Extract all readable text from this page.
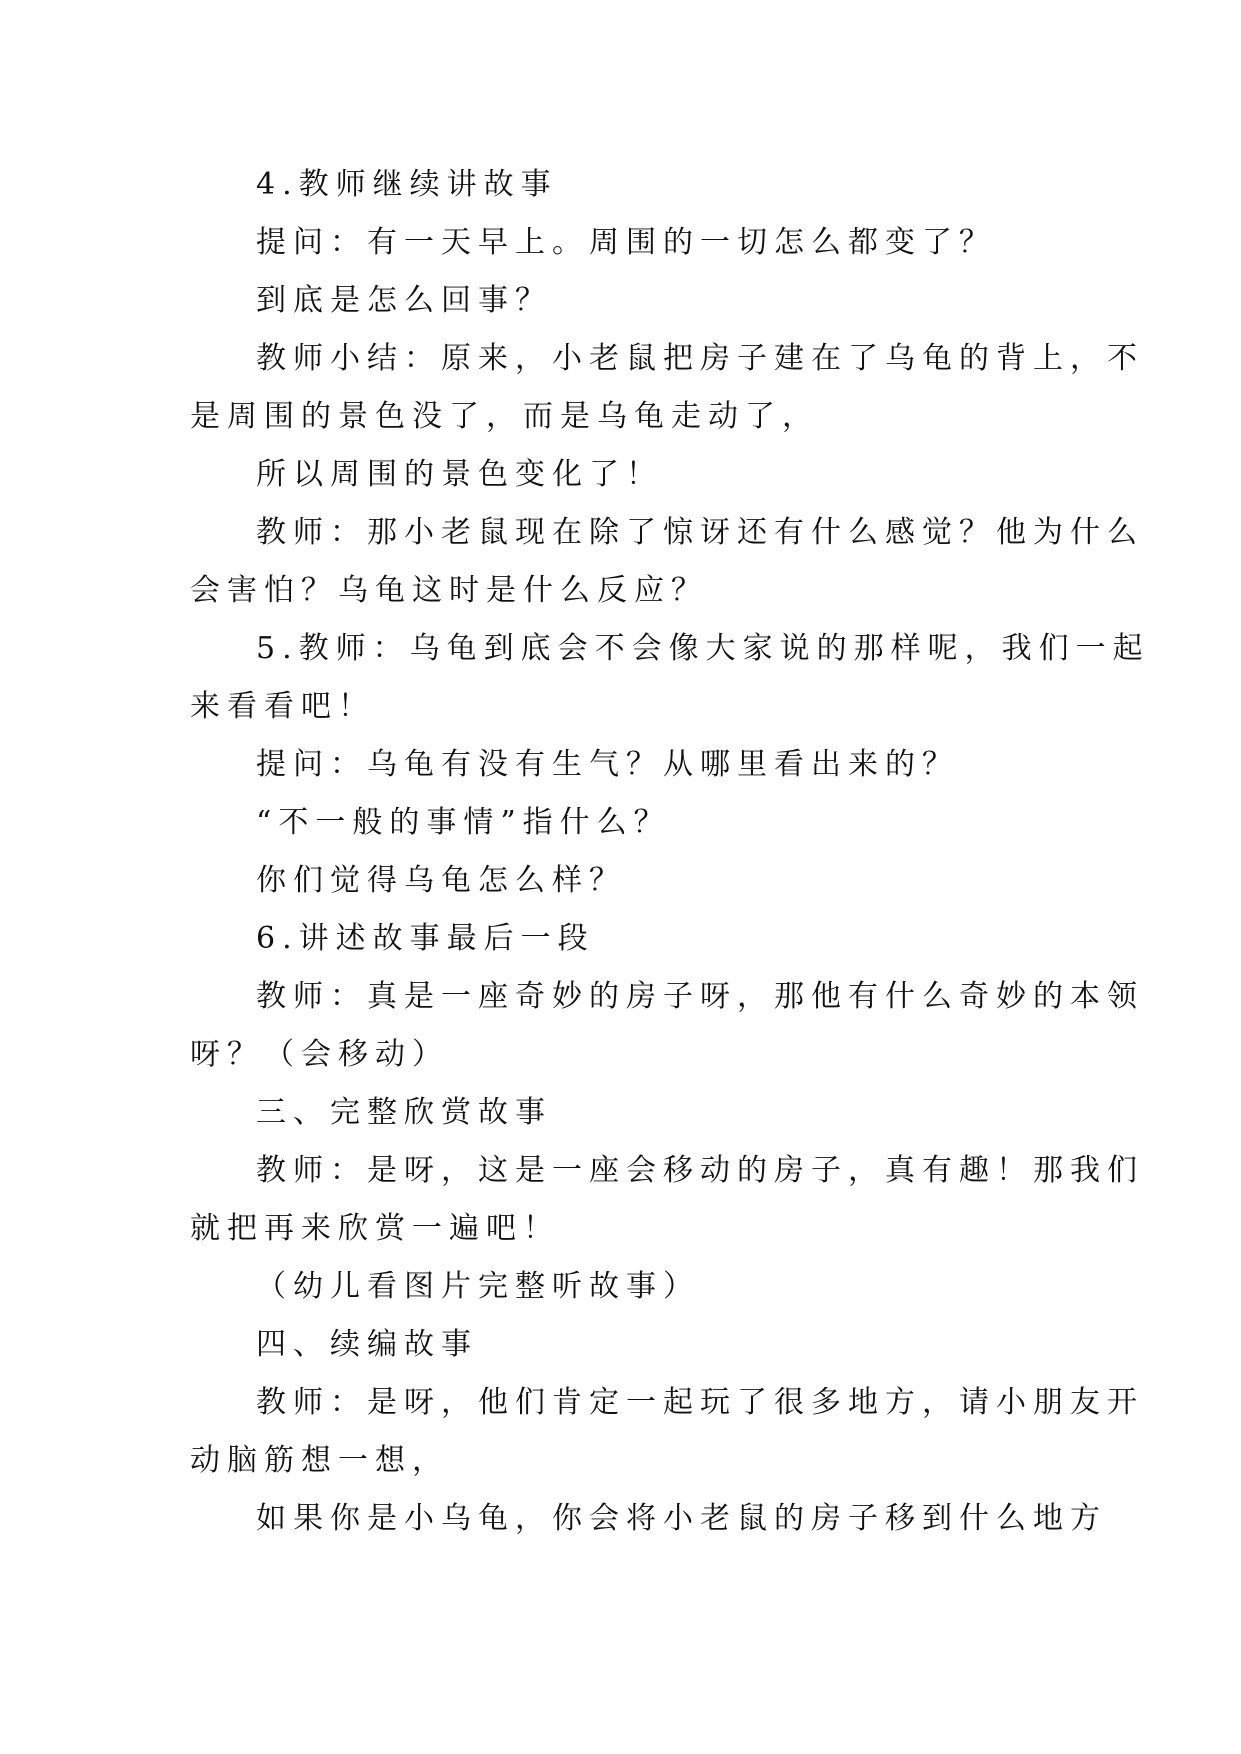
4.教师继续讲故事

提问：有一天早上。周围的一切怎么都变了？

到底是怎么回事？

教师小结：原来，小老鼠把房子建在了乌龟的背上，不
是周围的景色没了，而是乌龟走动了，

所以周围的景色变化了！

教师：那小老鼠现在除了惊讶还有什么感觉？他为什么
会害怕？乌龟这时是什么反应？

5.教师：乌龟到底会不会像大家说的那样呢，我们一起
来看看吧！

提问：乌龟有没有生气？从哪里看出来的？

“不一般的事情”指什么？

你们觉得乌龟怎么样？

6.讲述故事最后一段

教师：真是一座奇妙的房子呀，那他有什么奇妙的本领
呀？（会移动）

三、完整欣赏故事

教师：是呀，这是一座会移动的房子，真有趣！那我们
就把再来欣赏一遍吧！

（幼儿看图片完整听故事）

四、续编故事

教师：是呀，他们肯定一起玩了很多地方，请小朋友开
动脑筋想一想，

如果你是小乌龟，你会将小老鼠的房子移到什么地方
